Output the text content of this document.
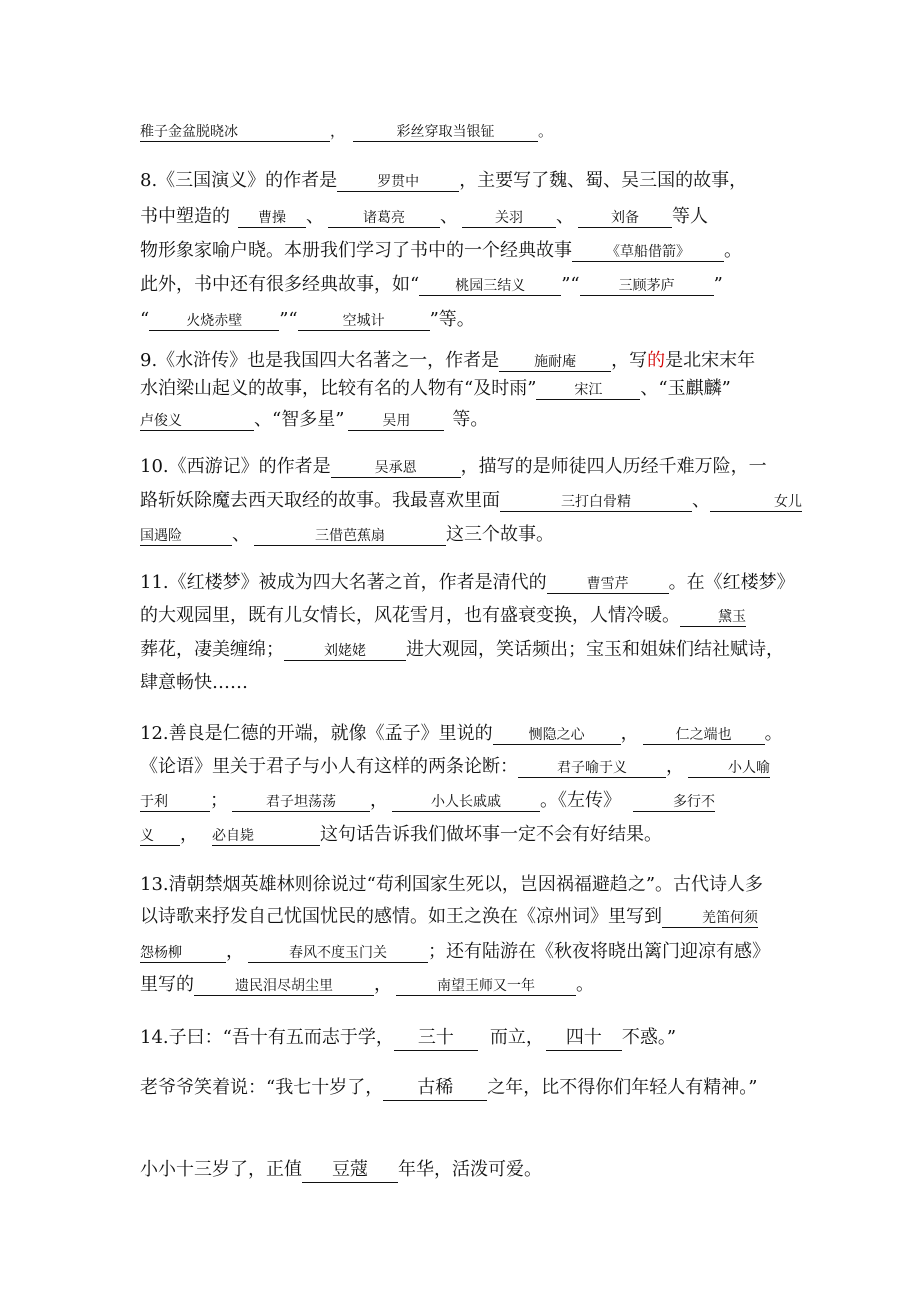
稚子金盆脱晓冰	，	彩丝穿取当银钲	。
8.《三国演义》的作者是	罗贯中 ，主要写了魏、蜀、吴三国的故事，
书中塑造的 曹操 、	诸葛亮 、	关羽 、	刘备 等人
物形象家喻户晓。本册我们学习了书中的一个经典故事 《草船借箭》 。
此外，书中还有很多经典故事，如“	桃园三结义 ”“	三顾茅庐 ”
“	火烧赤壁 ”“	空城计	”等。
9.《水浒传》也是我国四大名著之一，作者是	施耐庵 ，写的是北宋末年
水泊梁山起义的故事，比较有名的人物有“及时雨”	宋江 、“玉麒麟”
卢俊义	、“智多星”	吴用 等。
10.《西游记》的作者是	吴承恩 ，描写的是师徒四人历经千难万险，一
路斩妖除魔去西天取经的故事。我最喜欢里面	三打白骨精	、	女儿
国遇险	、	三借芭蕉扇	这三个故事。
11.《红楼梦》被成为四大名著之首，作者是清代的	曹雪芹 。在《红楼梦》
的大观园里，既有儿女情长，风花雪月，也有盛衰变换，人情冷暖。	黛玉
葬花，凄美缠绵；	刘姥姥 进大观园，笑话频出；宝玉和姐妹们结社赋诗，
肆意畅快……
12.善良是仁德的开端，就像《孟子》里说的	恻隐之心 ，	仁之端也 。
《论语》里关于君子与小人有这样的两条论断：	君子喻于义 ，	小人喻
于利 ；	君子坦荡荡 ，	小人长戚戚 。《左传》	多行不
义 ， 必自毙	这句话告诉我们做坏事一定不会有好结果。
13.清朝禁烟英雄林则徐说过“苟利国家生死以，岂因祸福避趋之”。古代诗人多
以诗歌来抒发自己忧国忧民的感情。如王之涣在《凉州词》里写到	羌笛何须
怨杨柳 ，	春风不度玉门关 ；还有陆游在《秋夜将晓出篱门迎凉有感》
里写的	遗民泪尽胡尘里 ，	南望王师又一年 。
14.子曰：“吾十有五而志于学， 三十 而立， 四十 不惑。”
老爷爷笑着说：“我七十岁了， 古稀 之年，比不得你们年轻人有精神。”
小小十三岁了，正值 豆蔻 年华，活泼可爱。
